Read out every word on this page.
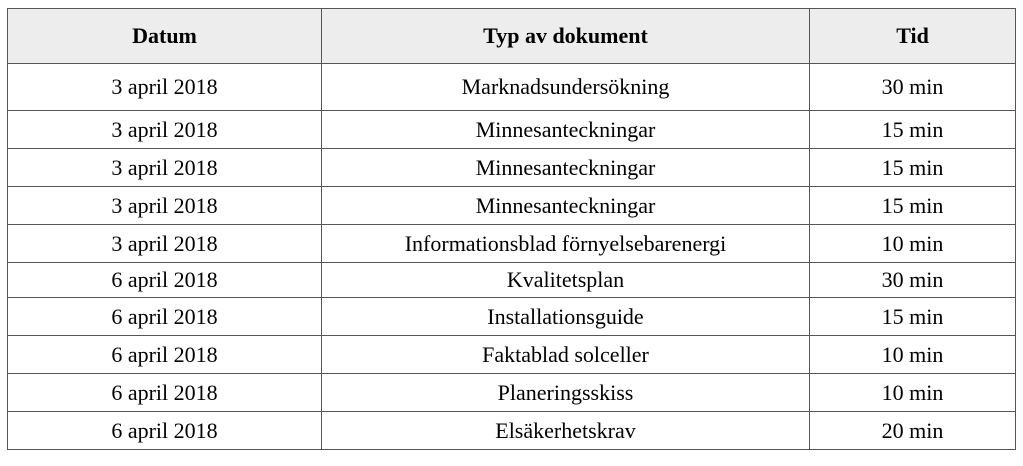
Datum	Typ av dokument	Tid
3 april 2018	Marknadsundersökning	30 min
3 april 2018	Minnesanteckningar	15 min
3 april 2018	Minnesanteckningar	15 min
3 april 2018	Minnesanteckningar	15 min
3 april 2018	Informationsblad förnyelsebarenergi	10 min
6 april 2018	Kvalitetsplan	30 min
6 april 2018	Installationsguide	15 min
6 april 2018	Faktablad solceller	10 min
6 april 2018	Planeringsskiss	10 min
6 april 2018	Elsäkerhetskrav	20 min
